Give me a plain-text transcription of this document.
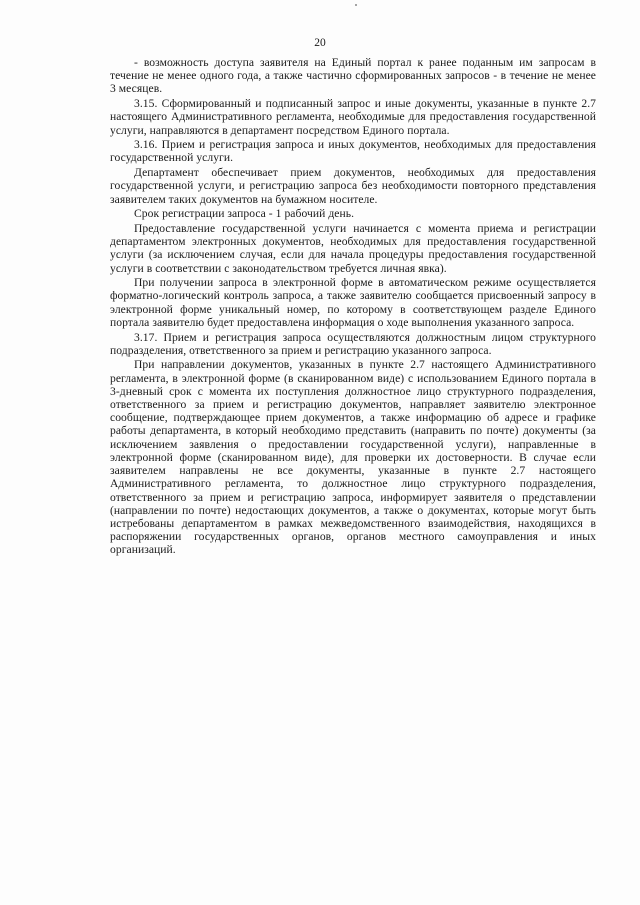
20

- возможность доступа заявителя на Единый портал к ранее поданным им запросам в течение не менее одного года, а также частично сформированных запросов - в течение не менее 3 месяцев.

3.15. Сформированный и подписанный запрос и иные документы, указанные в пункте 2.7 настоящего Административного регламента, необходимые для предоставления государственной услуги, направляются в департамент посредством Единого портала.

3.16. Прием и регистрация запроса и иных документов, необходимых для предоставления государственной услуги.

Департамент обеспечивает прием документов, необходимых для предоставления государственной услуги, и регистрацию запроса без необходимости повторного представления заявителем таких документов на бумажном носителе.

Срок регистрации запроса - 1 рабочий день.

Предоставление государственной услуги начинается с момента приема и регистрации департаментом электронных документов, необходимых для предоставления государственной услуги (за исключением случая, если для начала процедуры предоставления государственной услуги в соответствии с законодательством требуется личная явка).

При получении запроса в электронной форме в автоматическом режиме осуществляется форматно-логический контроль запроса, а также заявителю сообщается присвоенный запросу в электронной форме уникальный номер, по которому в соответствующем разделе Единого портала заявителю будет предоставлена информация о ходе выполнения указанного запроса.

3.17. Прием и регистрация запроса осуществляются должностным лицом структурного подразделения, ответственного за прием и регистрацию указанного запроса.

При направлении документов, указанных в пункте 2.7 настоящего Административного регламента, в электронной форме (в сканированном виде) с использованием Единого портала в 3-дневный срок с момента их поступления должностное лицо структурного подразделения, ответственного за прием и регистрацию документов, направляет заявителю электронное сообщение, подтверждающее прием документов, а также информацию об адресе и графике работы департамента, в который необходимо представить (направить по почте) документы (за исключением заявления о предоставлении государственной услуги), направленные в электронной форме (сканированном виде), для проверки их достоверности. В случае если заявителем направлены не все документы, указанные в пункте 2.7 настоящего Административного регламента, то должностное лицо структурного подразделения, ответственного за прием и регистрацию запроса, информирует заявителя о представлении (направлении по почте) недостающих документов, а также о документах, которые могут быть истребованы департаментом в рамках межведомственного взаимодействия, находящихся в распоряжении государственных органов, органов местного самоуправления и иных организаций.
